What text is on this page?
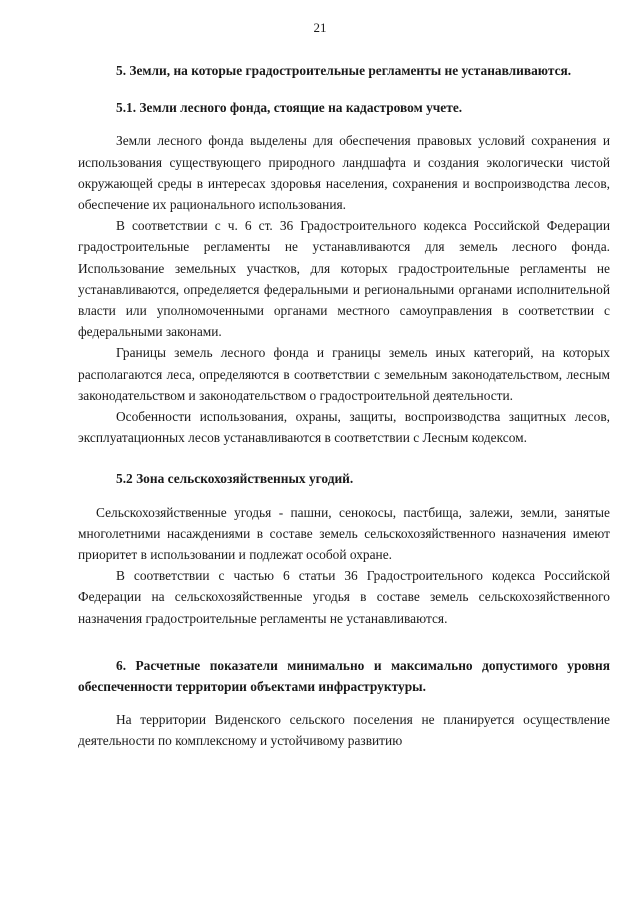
21

5. Земли, на которые градостроительные регламенты не устанавливаются.

5.1. Земли лесного фонда, стоящие на кадастровом учете.

Земли лесного фонда выделены для обеспечения правовых условий сохранения и использования существующего природного ландшафта и создания экологически чистой окружающей среды в интересах здоровья населения, сохранения и воспроизводства лесов, обеспечение их рационального использования.

В соответствии с ч. 6 ст. 36 Градостроительного кодекса Российской Федерации градостроительные регламенты не устанавливаются для земель лесного фонда. Использование земельных участков, для которых градостроительные регламенты не устанавливаются, определяется федеральными и региональными органами исполнительной власти или уполномоченными органами местного самоуправления в соответствии с федеральными законами.

Границы земель лесного фонда и границы земель иных категорий, на которых располагаются леса, определяются в соответствии с земельным законодательством, лесным законодательством и законодательством о градостроительной деятельности.

Особенности использования, охраны, защиты, воспроизводства защитных лесов, эксплуатационных лесов устанавливаются в соответствии с Лесным кодексом.

5.2 Зона сельскохозяйственных угодий.

Сельскохозяйственные угодья - пашни, сенокосы, пастбища, залежи, земли, занятые многолетними насаждениями в составе земель сельскохозяйственного назначения имеют приоритет в использовании и подлежат особой охране.

В соответствии с частью 6 статьи 36 Градостроительного кодекса Российской Федерации на сельскохозяйственные угодья в составе земель сельскохозяйственного назначения градостроительные регламенты не устанавливаются.

6. Расчетные показатели минимально и максимально допустимого уровня обеспеченности территории объектами инфраструктуры.

На территории Виденского сельского поселения не планируется осуществление деятельности по комплексному и устойчивому развитию
